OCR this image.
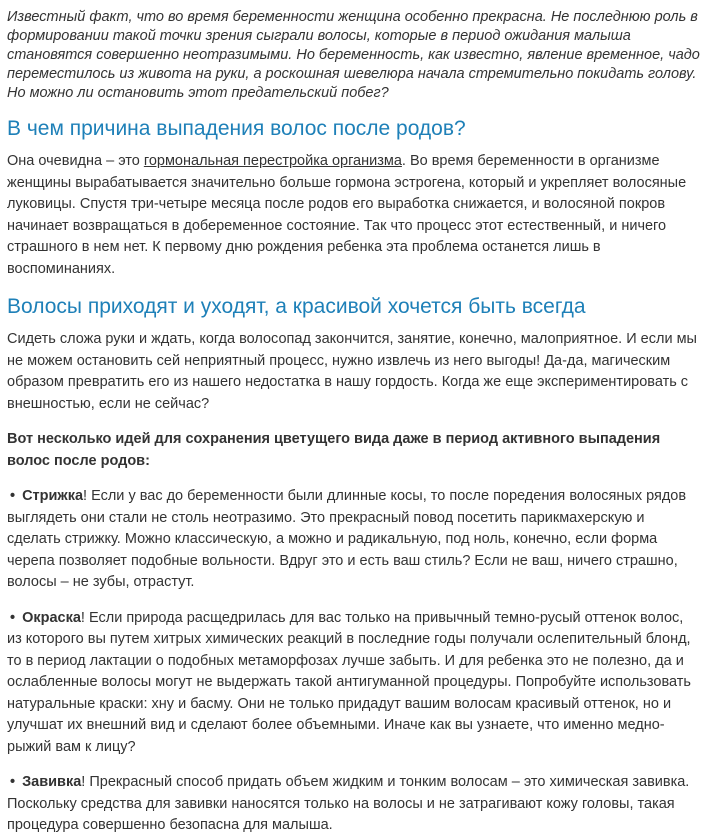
Известный факт, что во время беременности женщина особенно прекрасна. Не последнюю роль в формировании такой точки зрения сыграли волосы, которые в период ожидания малыша становятся совершенно неотразимыми. Но беременность, как известно, явление временное, чадо переместилось из живота на руки, а роскошная шевелюра начала стремительно покидать голову. Но можно ли остановить этот предательский побег?

В чем причина выпадения волос после родов?

Она очевидна – это гормональная перестройка организма. Во время беременности в организме женщины вырабатывается значительно больше гормона эстрогена, который и укрепляет волосяные луковицы. Спустя три-четыре месяца после родов его выработка снижается, и волосяной покров начинает возвращаться в добеременное состояние. Так что процесс этот естественный, и ничего страшного в нем нет. К первому дню рождения ребенка эта проблема останется лишь в воспоминаниях.

Волосы приходят и уходят, а красивой хочется быть всегда

Сидеть сложа руки и ждать, когда волосопад закончится, занятие, конечно, малоприятное. И если мы не можем остановить сей неприятный процесс, нужно извлечь из него выгоды! Да-да, магическим образом превратить его из нашего недостатка в нашу гордость. Когда же еще экспериментировать с внешностью, если не сейчас?

Вот несколько идей для сохранения цветущего вида даже в период активного выпадения волос после родов:

• Стрижка! Если у вас до беременности были длинные косы, то после поредения волосяных рядов выглядеть они стали не столь неотразимо. Это прекрасный повод посетить парикмахерскую и сделать стрижку. Можно классическую, а можно и радикальную, под ноль, конечно, если форма черепа позволяет подобные вольности. Вдруг это и есть ваш стиль? Если не ваш, ничего страшно, волосы – не зубы, отрастут.

• Окраска! Если природа расщедрилась для вас только на привычный темно-русый оттенок волос, из которого вы путем хитрых химических реакций в последние годы получали ослепительный блонд, то в период лактации о подобных метаморфозах лучше забыть. И для ребенка это не полезно, да и ослабленные волосы могут не выдержать такой антигуманной процедуры. Попробуйте использовать натуральные краски: хну и басму. Они не только придадут вашим волосам красивый оттенок, но и улучшат их внешний вид и сделают более объемными. Иначе как вы узнаете, что именно медно-рыжий вам к лицу?

• Завивка! Прекрасный способ придать объем жидким и тонким волосам – это химическая завивка. Поскольку средства для завивки наносятся только на волосы и не затрагивают кожу головы, такая процедура совершенно безопасна для малыша.
